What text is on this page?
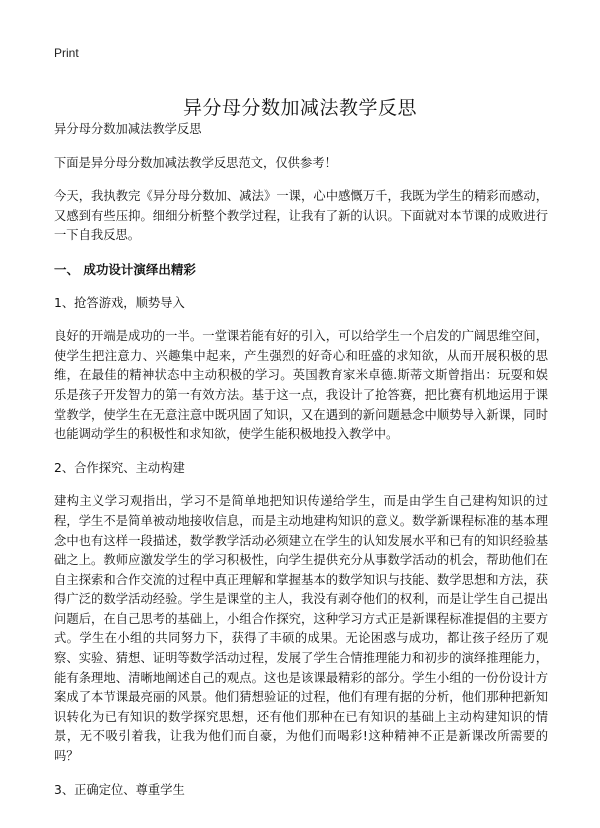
Print
异分母分数加减法教学反思

异分母分数加减法教学反思

下面是异分母分数加减法教学反思范文，仅供参考！

今天，我执教完《异分母分数加、减法》一课，心中感慨万千，我既为学生的精彩而感动，又感到有些压抑。细细分析整个教学过程，让我有了新的认识。下面就对本节课的成败进行一下自我反思。

一、 成功设计演绎出精彩

1、抢答游戏，顺势导入

良好的开端是成功的一半。一堂课若能有好的引入，可以给学生一个启发的广阔思维空间，使学生把注意力、兴趣集中起来，产生强烈的好奇心和旺盛的求知欲，从而开展积极的思维，在最佳的精神状态中主动积极的学习。英国教育家米卓德.斯蒂文斯曾指出：玩耍和娱乐是孩子开发智力的第一有效方法。基于这一点，我设计了抢答赛，把比赛有机地运用于课堂教学，使学生在无意注意中既巩固了知识，又在遇到的新问题悬念中顺势导入新课，同时也能调动学生的积极性和求知欲，使学生能积极地投入教学中。

2、合作探究、主动构建

建构主义学习观指出，学习不是简单地把知识传递给学生，而是由学生自己建构知识的过程，学生不是简单被动地接收信息，而是主动地建构知识的意义。数学新课程标准的基本理念中也有这样一段描述，数学教学活动必须建立在学生的认知发展水平和已有的知识经验基础之上。教师应激发学生的学习积极性，向学生提供充分从事数学活动的机会，帮助他们在自主探索和合作交流的过程中真正理解和掌握基本的数学知识与技能、数学思想和方法，获得广泛的数学活动经验。学生是课堂的主人，我没有剥夺他们的权利，而是让学生自己提出问题后，在自己思考的基础上，小组合作探究，这种学习方式正是新课程标准提倡的主要方式。学生在小组的共同努力下，获得了丰硕的成果。无论困惑与成功，都让孩子经历了观察、实验、猜想、证明等数学活动过程，发展了学生合情推理能力和初步的演绎推理能力，能有条理地、清晰地阐述自己的观点。这也是该课最精彩的部分。学生小组的一份份设计方案成了本节课最亮丽的风景。他们猜想验证的过程，他们有理有据的分析，他们那种把新知识转化为已有知识的数学探究思想，还有他们那种在已有知识的基础上主动构建知识的情景，无不吸引着我，让我为他们而自豪，为他们而喝彩!这种精神不正是新课改所需要的吗？

3、正确定位、尊重学生
